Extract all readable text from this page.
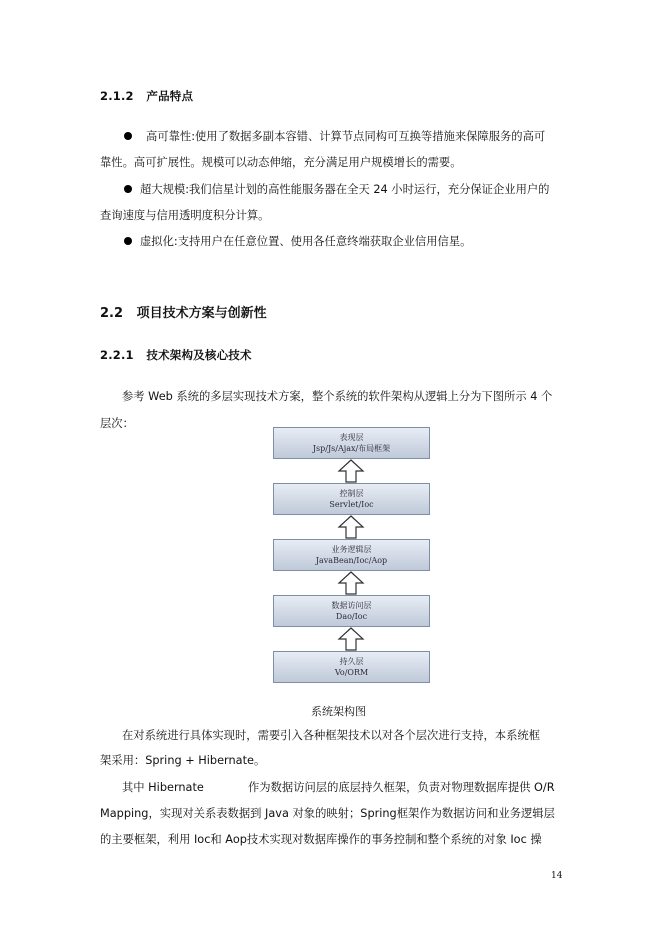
2.1.2 产品特点
高可靠性:使用了数据多副本容错、计算节点同构可互换等措施来保障服务的高可
靠性。高可扩展性。规模可以动态伸缩，充分满足用户规模增长的需要。
超大规模:我们信星计划的高性能服务器在全天 24 小时运行，充分保证企业用户的
查询速度与信用透明度积分计算。
虚拟化:支持用户在任意位置、使用各任意终端获取企业信用信星。
2.2 项目技术方案与创新性
2.2.1 技术架构及核心技术
参考 Web 系统的多层实现技术方案，整个系统的软件架构从逻辑上分为下图所示 4 个
层次：
表现层
Jsp/Js/Ajax/布局框架
控制层
Servlet/Ioc
业务逻辑层
JavaBean/Ioc/Aop
数据访问层
Dao/Ioc
持久层
Vo/ORM
系统架构图
在对系统进行具体实现时，需要引入各种框架技术以对各个层次进行支持，本系统框
架采用：Spring + Hibernate。
其中 Hibernate	作为数据访问层的底层持久框架，负责对物理数据库提供 O/R
Mapping，实现对关系表数据到 Java 对象的映射；Spring框架作为数据访问和业务逻辑层
的主要框架，利用 Ioc和 Aop技术实现对数据库操作的事务控制和整个系统的对象 Ioc 操
14
